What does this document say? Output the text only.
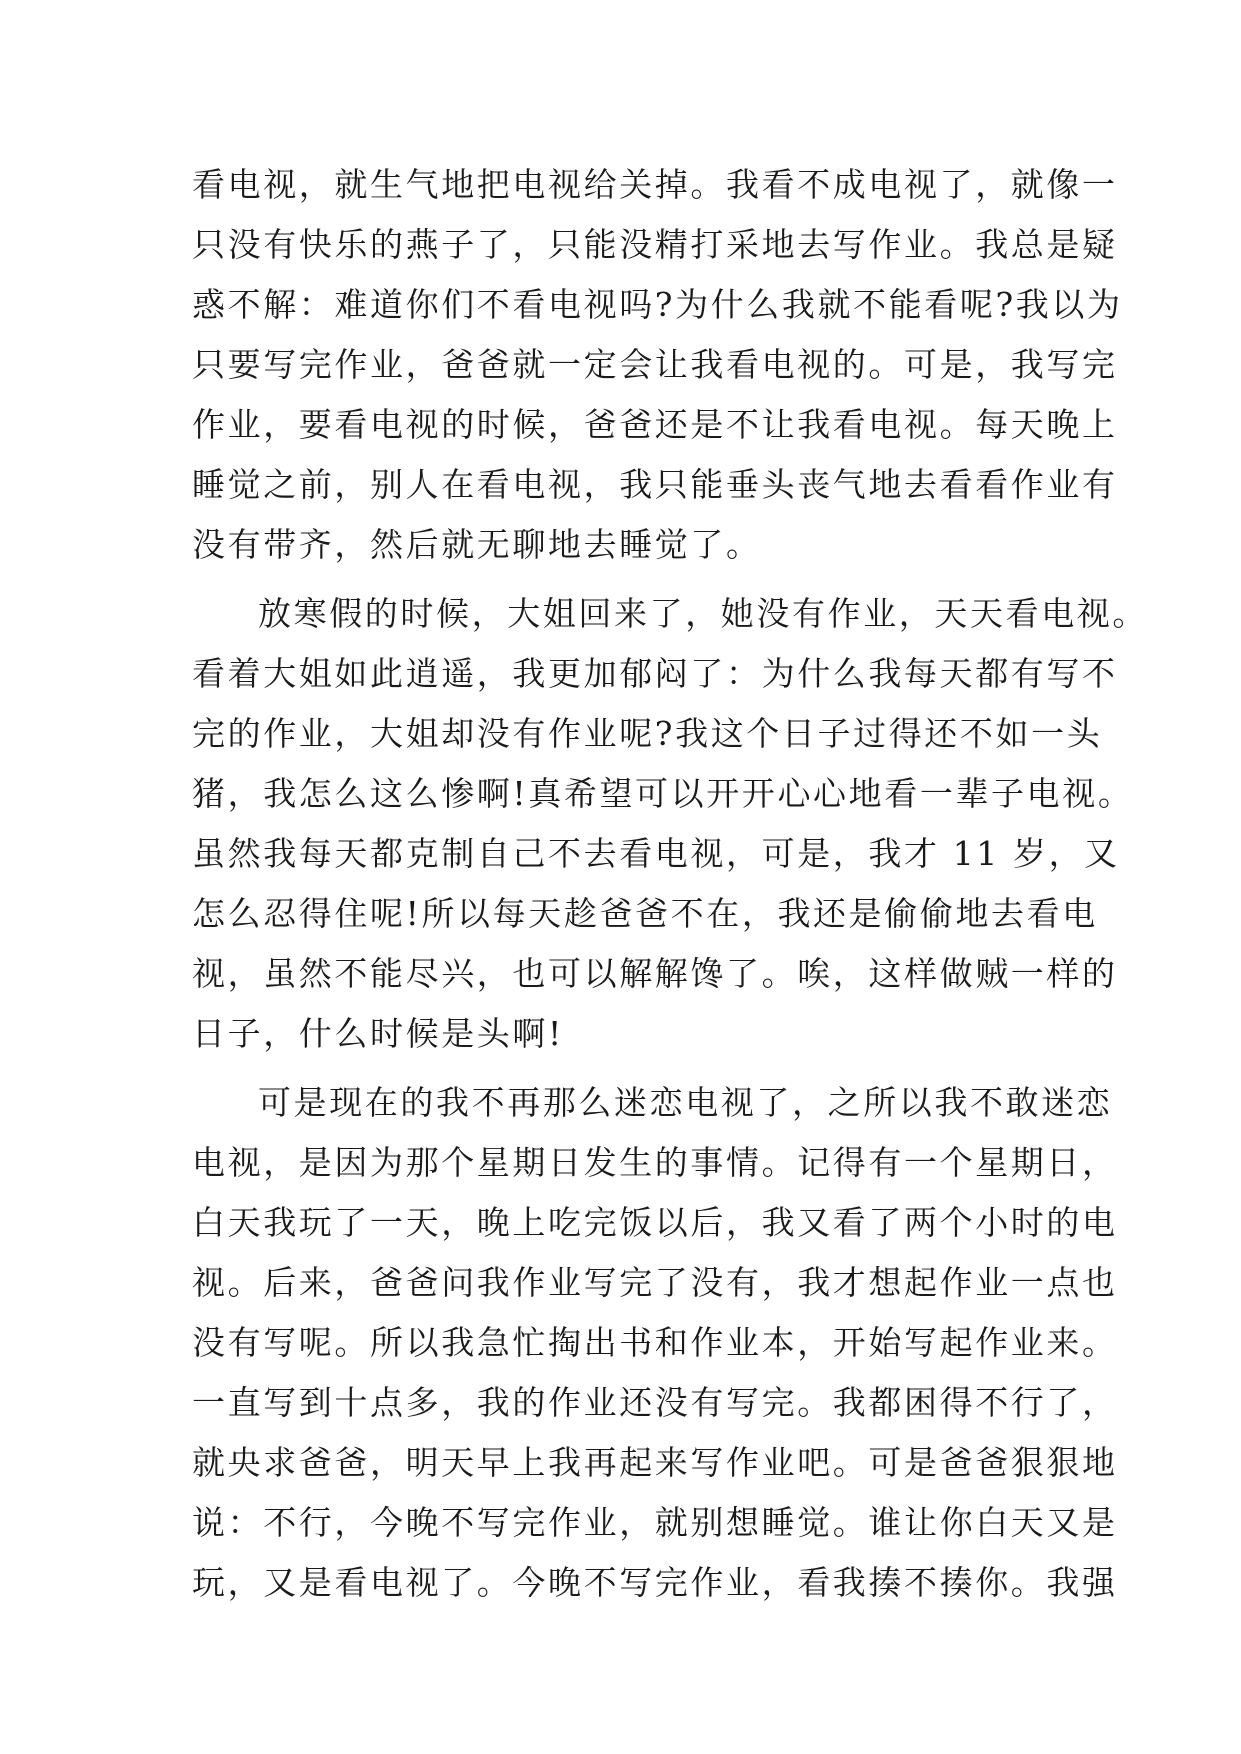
看电视，就生气地把电视给关掉。我看不成电视了，就像一
只没有快乐的燕子了，只能没精打采地去写作业。我总是疑
惑不解：难道你们不看电视吗?为什么我就不能看呢?我以为
只要写完作业，爸爸就一定会让我看电视的。可是，我写完
作业，要看电视的时候，爸爸还是不让我看电视。每天晚上
睡觉之前，别人在看电视，我只能垂头丧气地去看看作业有
没有带齐，然后就无聊地去睡觉了。
放寒假的时候，大姐回来了，她没有作业，天天看电视。
看着大姐如此逍遥，我更加郁闷了：为什么我每天都有写不
完的作业，大姐却没有作业呢?我这个日子过得还不如一头
猪，我怎么这么惨啊!真希望可以开开心心地看一辈子电视。
虽然我每天都克制自己不去看电视，可是，我才 11 岁，又
怎么忍得住呢!所以每天趁爸爸不在，我还是偷偷地去看电
视，虽然不能尽兴，也可以解解馋了。唉，这样做贼一样的
日子，什么时候是头啊!
可是现在的我不再那么迷恋电视了，之所以我不敢迷恋
电视，是因为那个星期日发生的事情。记得有一个星期日，
白天我玩了一天，晚上吃完饭以后，我又看了两个小时的电
视。后来，爸爸问我作业写完了没有，我才想起作业一点也
没有写呢。所以我急忙掏出书和作业本，开始写起作业来。
一直写到十点多，我的作业还没有写完。我都困得不行了，
就央求爸爸，明天早上我再起来写作业吧。可是爸爸狠狠地
说：不行，今晚不写完作业，就别想睡觉。谁让你白天又是
玩，又是看电视了。今晚不写完作业，看我揍不揍你。我强
